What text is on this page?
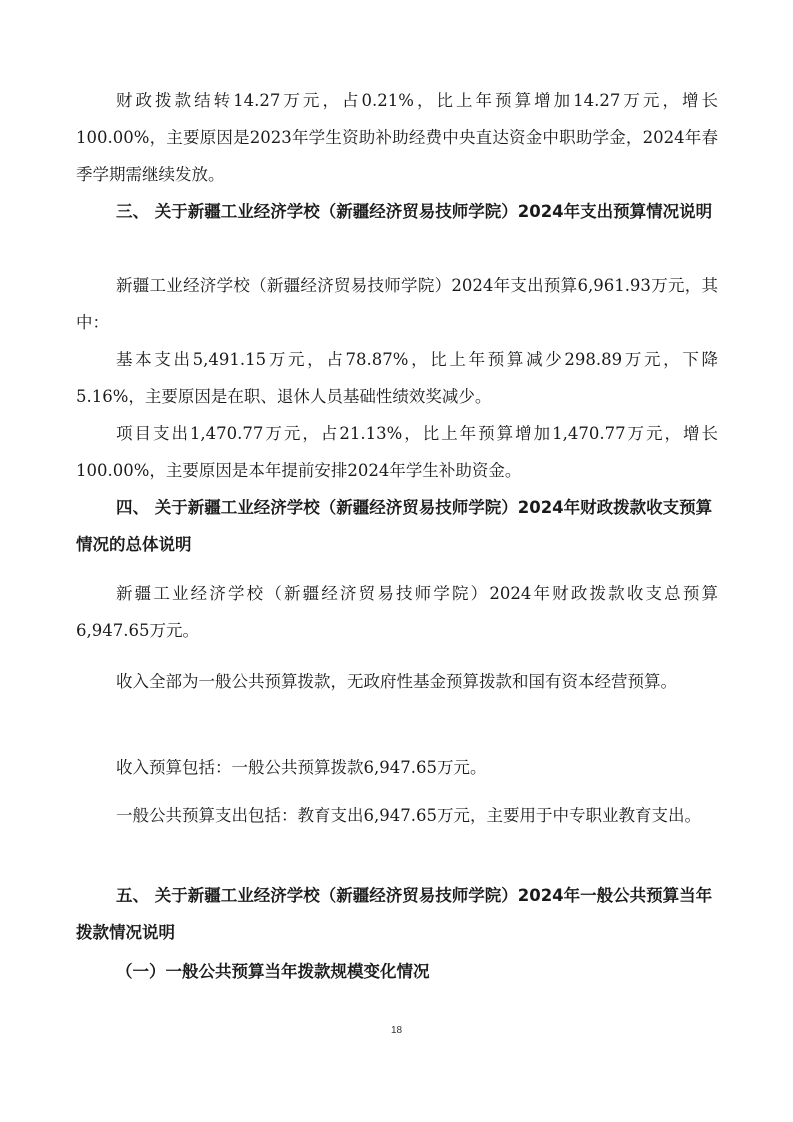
财政拨款结转14.27万元，占0.21%，比上年预算增加14.27万元，增长100.00%，主要原因是2023年学生资助补助经费中央直达资金中职助学金，2024年春季学期需继续发放。

三、 关于新疆工业经济学校（新疆经济贸易技师学院）2024年支出预算情况说明

新疆工业经济学校（新疆经济贸易技师学院）2024年支出预算6,961.93万元，其中：

基本支出5,491.15万元，占78.87%，比上年预算减少298.89万元，下降5.16%，主要原因是在职、退休人员基础性绩效奖减少。

项目支出1,470.77万元，占21.13%，比上年预算增加1,470.77万元，增长100.00%，主要原因是本年提前安排2024年学生补助资金。

四、 关于新疆工业经济学校（新疆经济贸易技师学院）2024年财政拨款收支预算情况的总体说明

新疆工业经济学校（新疆经济贸易技师学院）2024年财政拨款收支总预算6,947.65万元。

收入全部为一般公共预算拨款，无政府性基金预算拨款和国有资本经营预算。

收入预算包括：一般公共预算拨款6,947.65万元。

一般公共预算支出包括：教育支出6,947.65万元，主要用于中专职业教育支出。

五、 关于新疆工业经济学校（新疆经济贸易技师学院）2024年一般公共预算当年拨款情况说明

（一）一般公共预算当年拨款规模变化情况

18
